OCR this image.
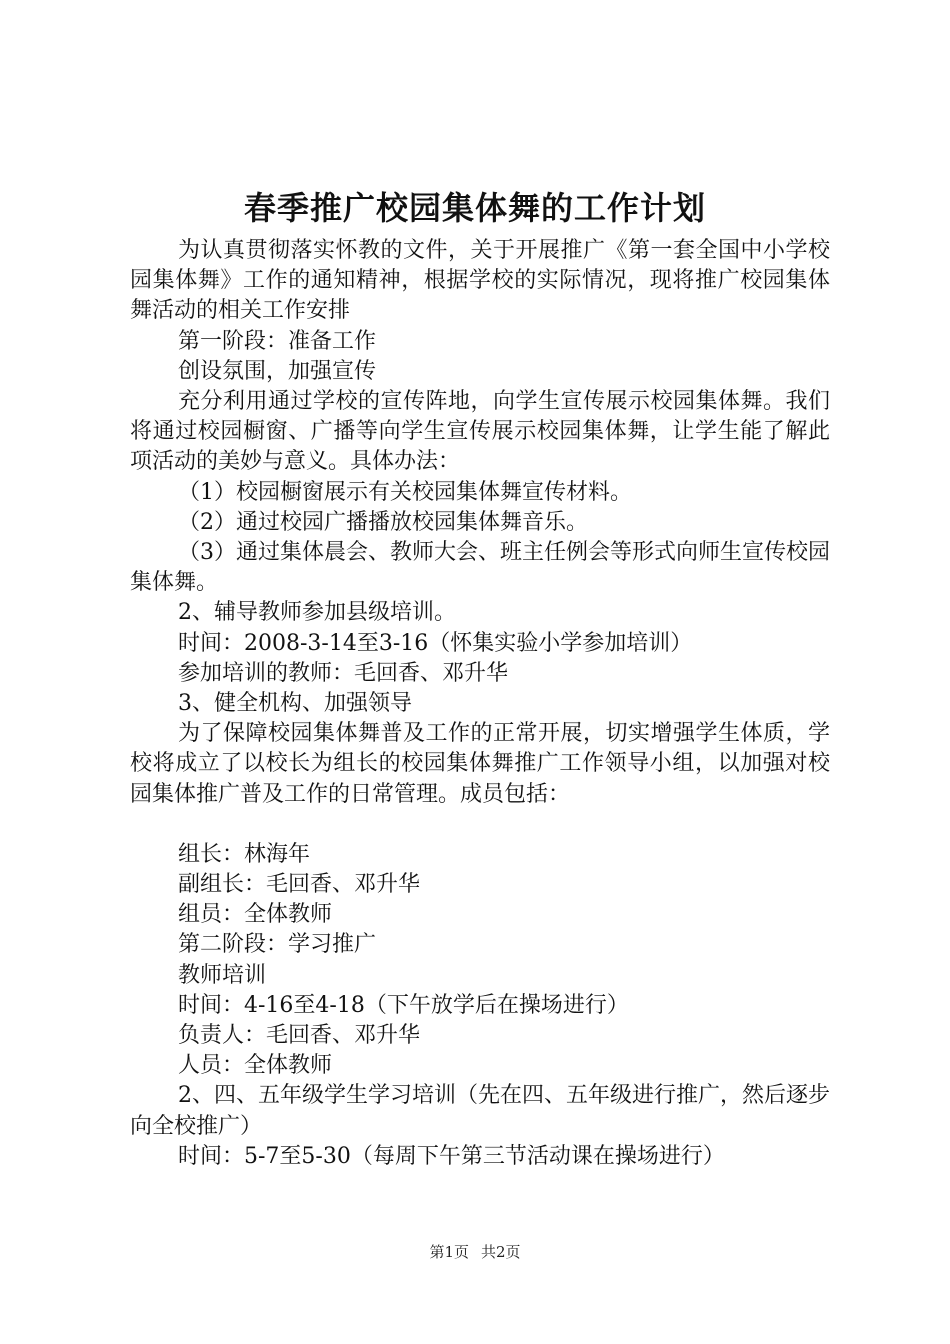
春季推广校园集体舞的工作计划

为认真贯彻落实怀教的文件，关于开展推广《第一套全国中小学校园集体舞》工作的通知精神，根据学校的实际情况，现将推广校园集体舞活动的相关工作安排

第一阶段：准备工作

创设氛围，加强宣传

充分利用通过学校的宣传阵地，向学生宣传展示校园集体舞。我们将通过校园橱窗、广播等向学生宣传展示校园集体舞，让学生能了解此项活动的美妙与意义。具体办法：

（1）校园橱窗展示有关校园集体舞宣传材料。

（2）通过校园广播播放校园集体舞音乐。

（3）通过集体晨会、教师大会、班主任例会等形式向师生宣传校园集体舞。

2、辅导教师参加县级培训。

时间：2008-3-14至3-16（怀集实验小学参加培训）

参加培训的教师：毛回香、邓升华

3、健全机构、加强领导

为了保障校园集体舞普及工作的正常开展，切实增强学生体质，学校将成立了以校长为组长的校园集体舞推广工作领导小组，以加强对校园集体推广普及工作的日常管理。成员包括：

组长：林海年

副组长：毛回香、邓升华

组员：全体教师

第二阶段：学习推广

教师培训

时间：4-16至4-18（下午放学后在操场进行）

负责人：毛回香、邓升华

人员：全体教师

2、四、五年级学生学习培训（先在四、五年级进行推广，然后逐步向全校推广）

时间：5-7至5-30（每周下午第三节活动课在操场进行）

第1页 共2页
